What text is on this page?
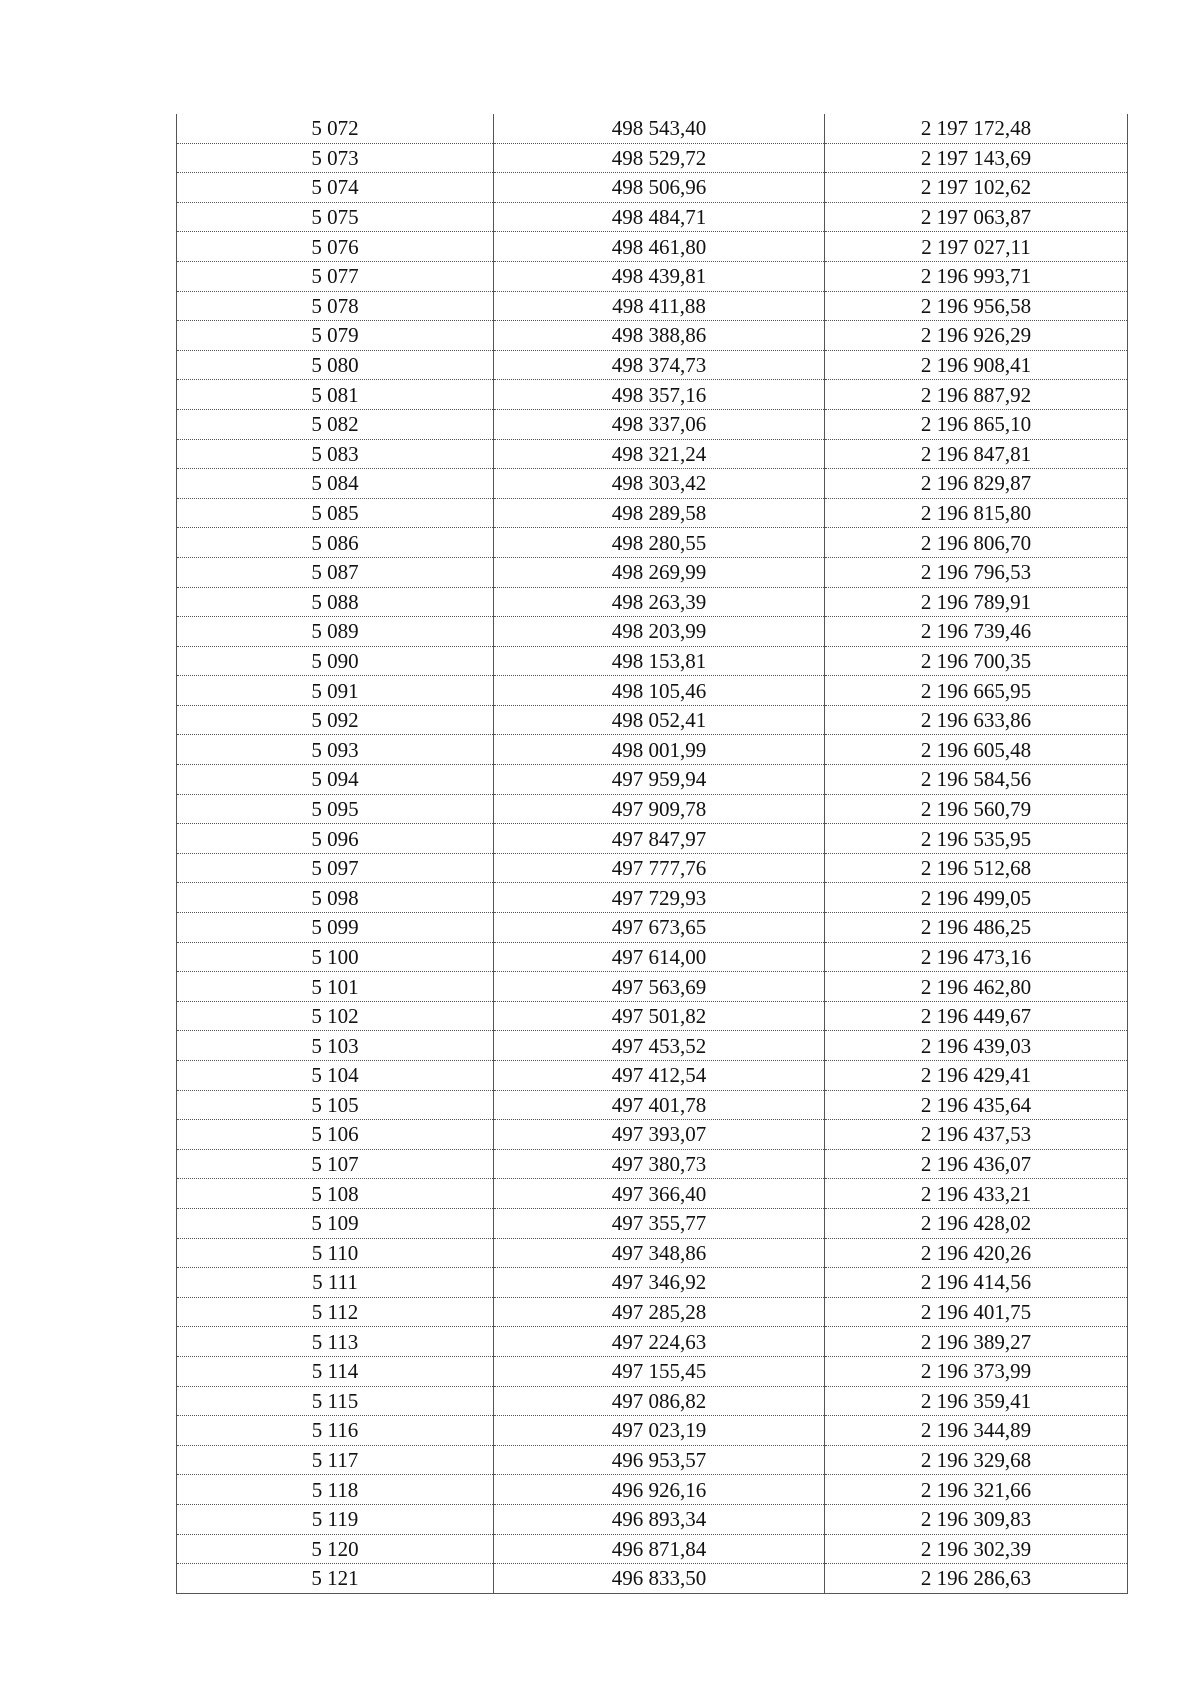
5 072	498 543,40	2 197 172,48
5 073	498 529,72	2 197 143,69
5 074	498 506,96	2 197 102,62
5 075	498 484,71	2 197 063,87
5 076	498 461,80	2 197 027,11
5 077	498 439,81	2 196 993,71
5 078	498 411,88	2 196 956,58
5 079	498 388,86	2 196 926,29
5 080	498 374,73	2 196 908,41
5 081	498 357,16	2 196 887,92
5 082	498 337,06	2 196 865,10
5 083	498 321,24	2 196 847,81
5 084	498 303,42	2 196 829,87
5 085	498 289,58	2 196 815,80
5 086	498 280,55	2 196 806,70
5 087	498 269,99	2 196 796,53
5 088	498 263,39	2 196 789,91
5 089	498 203,99	2 196 739,46
5 090	498 153,81	2 196 700,35
5 091	498 105,46	2 196 665,95
5 092	498 052,41	2 196 633,86
5 093	498 001,99	2 196 605,48
5 094	497 959,94	2 196 584,56
5 095	497 909,78	2 196 560,79
5 096	497 847,97	2 196 535,95
5 097	497 777,76	2 196 512,68
5 098	497 729,93	2 196 499,05
5 099	497 673,65	2 196 486,25
5 100	497 614,00	2 196 473,16
5 101	497 563,69	2 196 462,80
5 102	497 501,82	2 196 449,67
5 103	497 453,52	2 196 439,03
5 104	497 412,54	2 196 429,41
5 105	497 401,78	2 196 435,64
5 106	497 393,07	2 196 437,53
5 107	497 380,73	2 196 436,07
5 108	497 366,40	2 196 433,21
5 109	497 355,77	2 196 428,02
5 110	497 348,86	2 196 420,26
5 111	497 346,92	2 196 414,56
5 112	497 285,28	2 196 401,75
5 113	497 224,63	2 196 389,27
5 114	497 155,45	2 196 373,99
5 115	497 086,82	2 196 359,41
5 116	497 023,19	2 196 344,89
5 117	496 953,57	2 196 329,68
5 118	496 926,16	2 196 321,66
5 119	496 893,34	2 196 309,83
5 120	496 871,84	2 196 302,39
5 121	496 833,50	2 196 286,63
